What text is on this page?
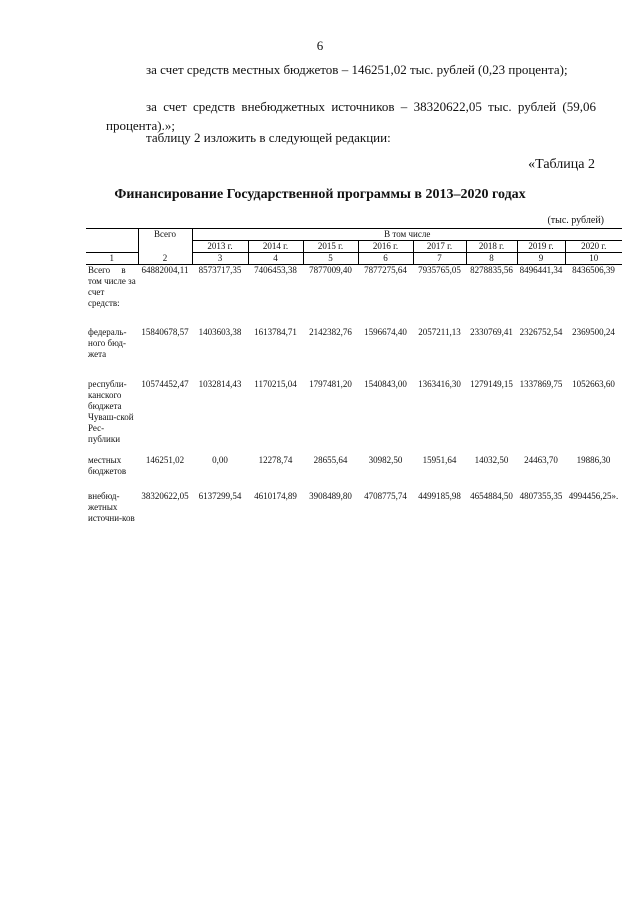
6
за счет средств местных бюджетов – 146251,02 тыс. рублей (0,23 процента);
за счет средств внебюджетных источников – 38320622,05 тыс. рублей (59,06 процента).»;
таблицу 2 изложить в следующей редакции:
«Таблица 2
Финансирование Государственной программы в 2013–2020 годах
(тыс. рублей)
	Всего	В том числе							
		2013 г.	2014 г.	2015 г.	2016 г.	2017 г.	2018 г.	2019 г.	2020 г.
1	2	3	4	5	6	7	8	9	10
Всего     в том числе за счет средств:	64882004,11	8573717,35	7406453,38	7877009,40	7877275,64	7935765,05	8278835,56	8496441,34	8436506,39
федераль-ного бюд-жета	15840678,57	1403603,38	1613784,71	2142382,76	1596674,40	2057211,13	2330769,41	2326752,54	2369500,24
республи-канского бюджета Чуваш-ской Рес-публики	10574452,47	1032814,43	1170215,04	1797481,20	1540843,00	1363416,30	1279149,15	1337869,75	1052663,60
местных бюджетов	146251,02	0,00	12278,74	28655,64	30982,50	15951,64	14032,50	24463,70	19886,30
внебюд-жетных источни-ков	38320622,05	6137299,54	4610174,89	3908489,80	4708775,74	4499185,98	4654884,50	4807355,35	4994456,25».
